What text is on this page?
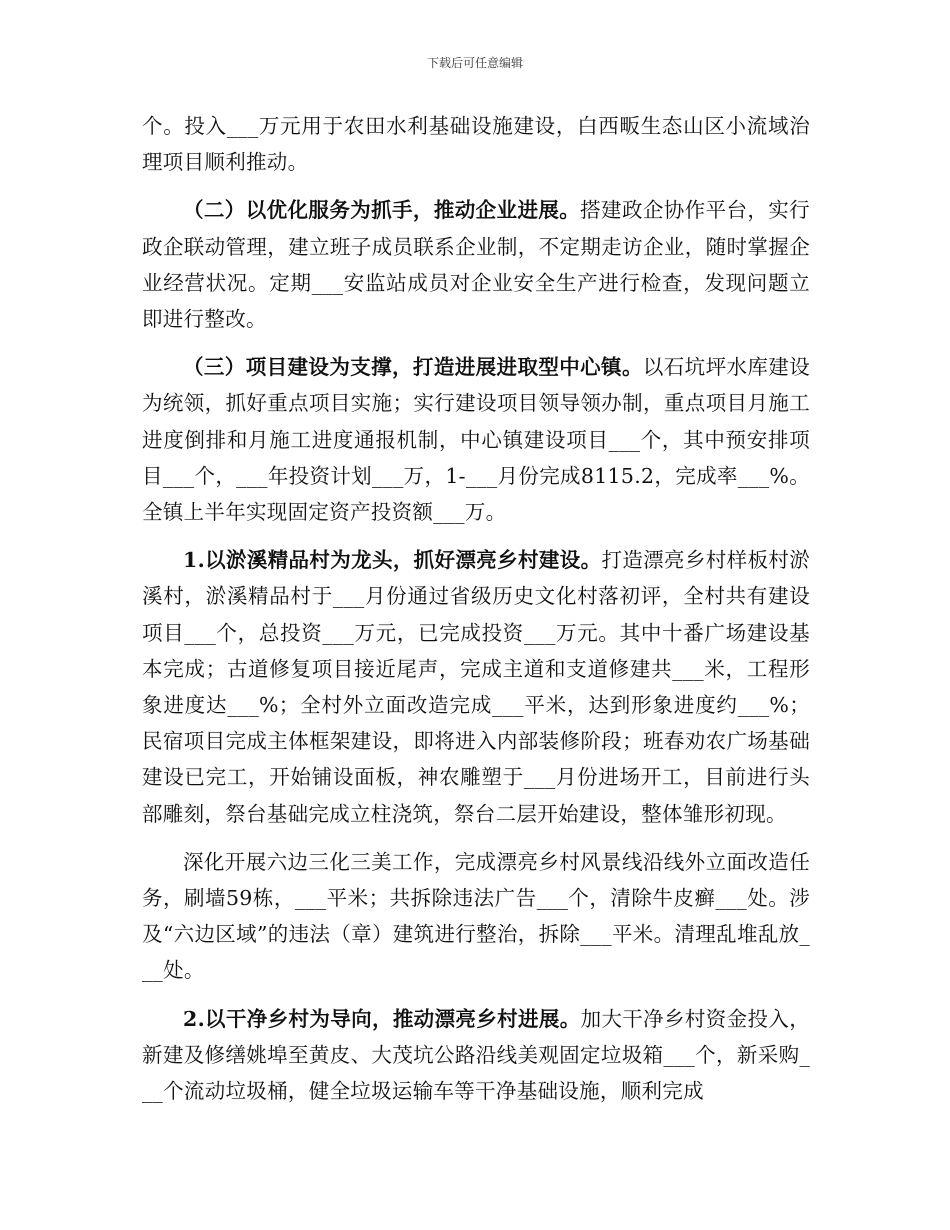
下载后可任意编辑

个。投入___万元用于农田水利基础设施建设，白西畈生态山区小流域治理项目顺利推动。

（二）以优化服务为抓手，推动企业进展。搭建政企协作平台，实行政企联动管理，建立班子成员联系企业制，不定期走访企业，随时掌握企业经营状况。定期___安监站成员对企业安全生产进行检查，发现问题立即进行整改。

（三）项目建设为支撑，打造进展进取型中心镇。以石坑坪水库建设为统领，抓好重点项目实施；实行建设项目领导领办制，重点项目月施工进度倒排和月施工进度通报机制，中心镇建设项目___个，其中预安排项目___个，___年投资计划___万，1-___月份完成8115.2，完成率___%。全镇上半年实现固定资产投资额___万。

1.以淤溪精品村为龙头，抓好漂亮乡村建设。打造漂亮乡村样板村淤溪村，淤溪精品村于___月份通过省级历史文化村落初评，全村共有建设项目___个，总投资___万元，已完成投资___万元。其中十番广场建设基本完成；古道修复项目接近尾声，完成主道和支道修建共___米，工程形象进度达___%；全村外立面改造完成___平米，达到形象进度约___%；民宿项目完成主体框架建设，即将进入内部装修阶段；班春劝农广场基础建设已完工，开始铺设面板，神农雕塑于___月份进场开工，目前进行头部雕刻，祭台基础完成立柱浇筑，祭台二层开始建设，整体雏形初现。

深化开展六边三化三美工作，完成漂亮乡村风景线沿线外立面改造任务，刷墙59栋，___平米；共拆除违法广告___个，清除牛皮癣___处。涉及“六边区域”的违法（章）建筑进行整治，拆除___平米。清理乱堆乱放___处。

2.以干净乡村为导向，推动漂亮乡村进展。加大干净乡村资金投入，新建及修缮姚埠至黄皮、大茂坑公路沿线美观固定垃圾箱___个，新采购___个流动垃圾桶，健全垃圾运输车等干净基础设施，顺利完成
